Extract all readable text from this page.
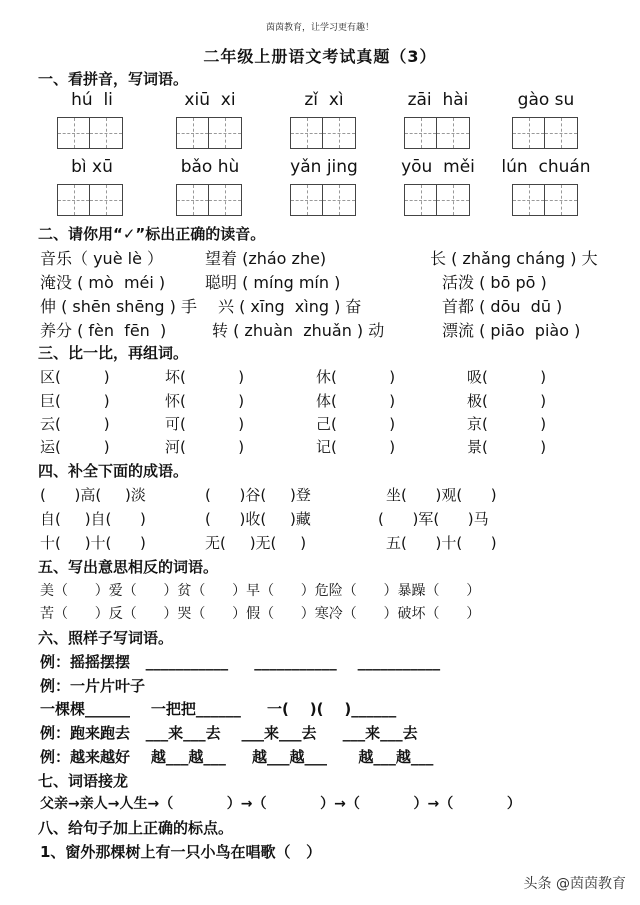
茵茵教育，让学习更有趣！
二年级上册语文考试真题（3）
一、看拼音，写词语。
hú  li	xiū  xi	zǐ  xì	zāi  hài	gào su
bì xū	bǎo hù	yǎn jing	yōu  měi	lún  chuán
二、请你用“✓”标出正确的读音。
音乐（ yuè lè ）	望着 (zháo zhe)	长 ( zhǎng cháng ) 大
淹没 ( mò  méi ) 聪明 ( míng mín )	活泼 ( bō pō )
伸 ( shēn shēng ) 手 兴 ( xīng  xìng ) 奋	首都 ( dōu  dū )
养分 ( fèn  fēn  )	转 ( zhuàn  zhuǎn ) 动	漂流 ( piāo  piào )
三、比一比，再组词。
区(         )	坏(           )	休(           )	吸(           )
巨(         )	怀(           )	体(           )	极(           )
云(         )	可(           )	己(           )	京(           )
运(         )	河(           )	记(           )	景(           )
四、补全下面的成语。
(      )高(     )淡	(      )谷(     )登	坐(      )观(      )
自(     )自(      )	(      )收(     )藏	(      )军(      )马
十(     )十(      )	无(     )无(     )	五(      )十(      )
五、写出意思相反的词语。
美（      ）爱（      ）贫（      ）早（      ）危险（      ）暴躁（      ）
苦（      ）反（      ）哭（      ）假（      ）寒冷（      ）破坏（      ）
六、照样子写词语。
例：摇摇摆摆   ___________     ___________    ___________
例：一片片叶子
一棵棵______    一把把______     一(    )(    )______
例：跑来跑去   ___来___去    ___来___去     ___来___去
例：越来越好    越___越___     越___越___      越___越___
七、词语接龙
父亲→亲人→人生→（           ）→（           ）→（           ）→（           ）
八、给句子加上正确的标点。
1、窗外那棵树上有一只小鸟在唱歌（   ）
头条 @茵茵教育
